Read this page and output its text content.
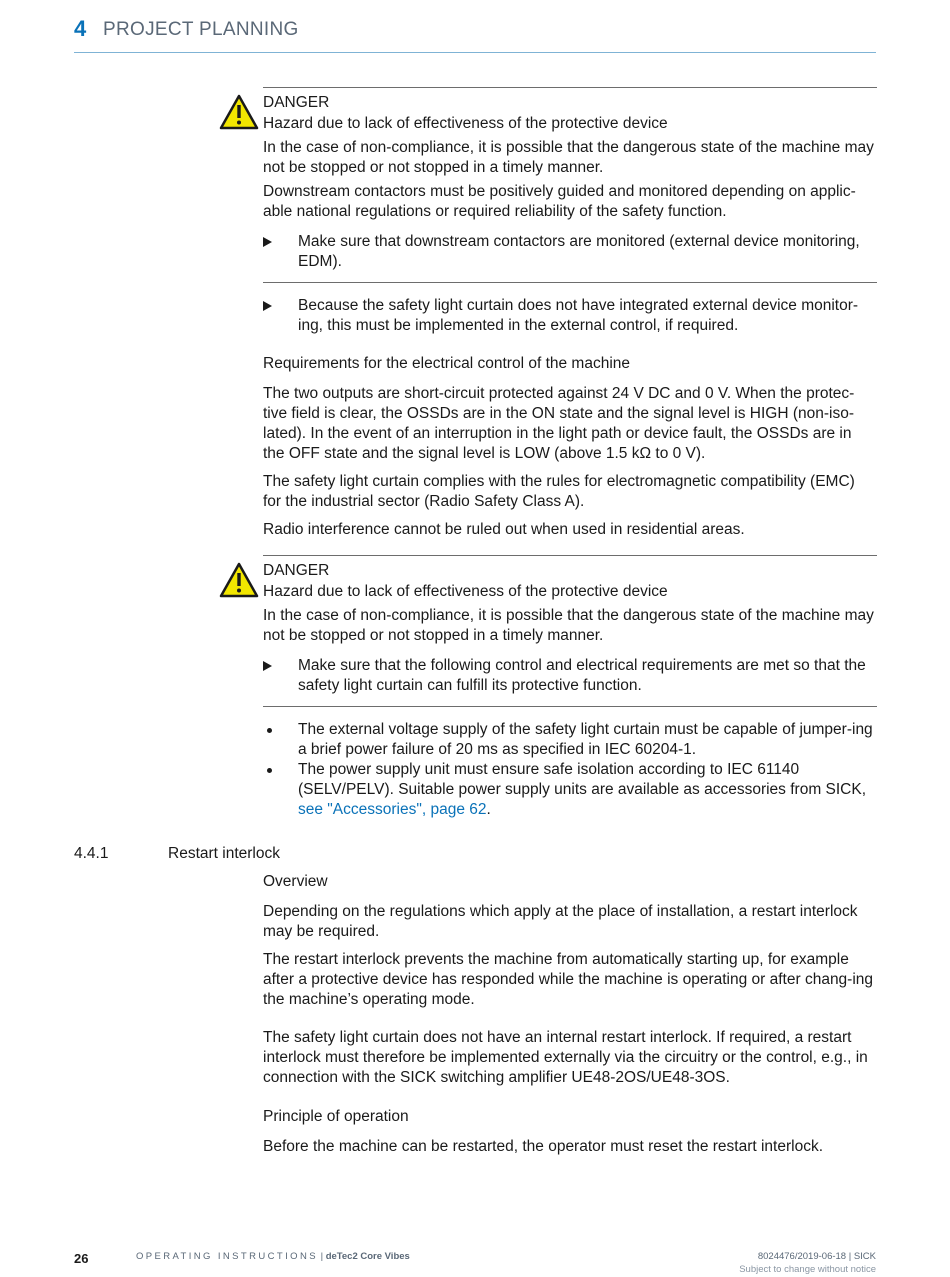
4 PROJECT PLANNING
DANGER
Hazard due to lack of effectiveness of the protective device

In the case of non-compliance, it is possible that the dangerous state of the machine may not be stopped or not stopped in a timely manner.

Downstream contactors must be positively guided and monitored depending on applic-able national regulations or required reliability of the safety function.

Make sure that downstream contactors are monitored (external device monitoring, EDM).
Because the safety light curtain does not have integrated external device monitor-ing, this must be implemented in the external control, if required.
Requirements for the electrical control of the machine

The two outputs are short-circuit protected against 24 V DC and 0 V. When the protec-tive field is clear, the OSSDs are in the ON state and the signal level is HIGH (non-iso-lated). In the event of an interruption in the light path or device fault, the OSSDs are in the OFF state and the signal level is LOW (above 1.5 kΩ to 0 V).

The safety light curtain complies with the rules for electromagnetic compatibility (EMC) for the industrial sector (Radio Safety Class A).

Radio interference cannot be ruled out when used in residential areas.

DANGER
Hazard due to lack of effectiveness of the protective device

In the case of non-compliance, it is possible that the dangerous state of the machine may not be stopped or not stopped in a timely manner.

Make sure that the following control and electrical requirements are met so that the safety light curtain can fulfill its protective function.
The external voltage supply of the safety light curtain must be capable of jumper-ing a brief power failure of 20 ms as specified in IEC 60204-1.
The power supply unit must ensure safe isolation according to IEC 61140 (SELV/PELV). Suitable power supply units are available as accessories from SICK, see "Accessories", page 62.
4.4.1	Restart interlock
Overview

Depending on the regulations which apply at the place of installation, a restart interlock may be required.

The restart interlock prevents the machine from automatically starting up, for example after a protective device has responded while the machine is operating or after chang-ing the machine’s operating mode.

The safety light curtain does not have an internal restart interlock. If required, a restart interlock must therefore be implemented externally via the circuitry or the control, e.g., in connection with the SICK switching amplifier UE48-2OS/UE48-3OS.

Principle of operation

Before the machine can be restarted, the operator must reset the restart interlock.

26	OPERATING INSTRUCTIONS | deTec2 Core Vibes	8024476/2019-06-18 | SICK
Subject to change without notice
